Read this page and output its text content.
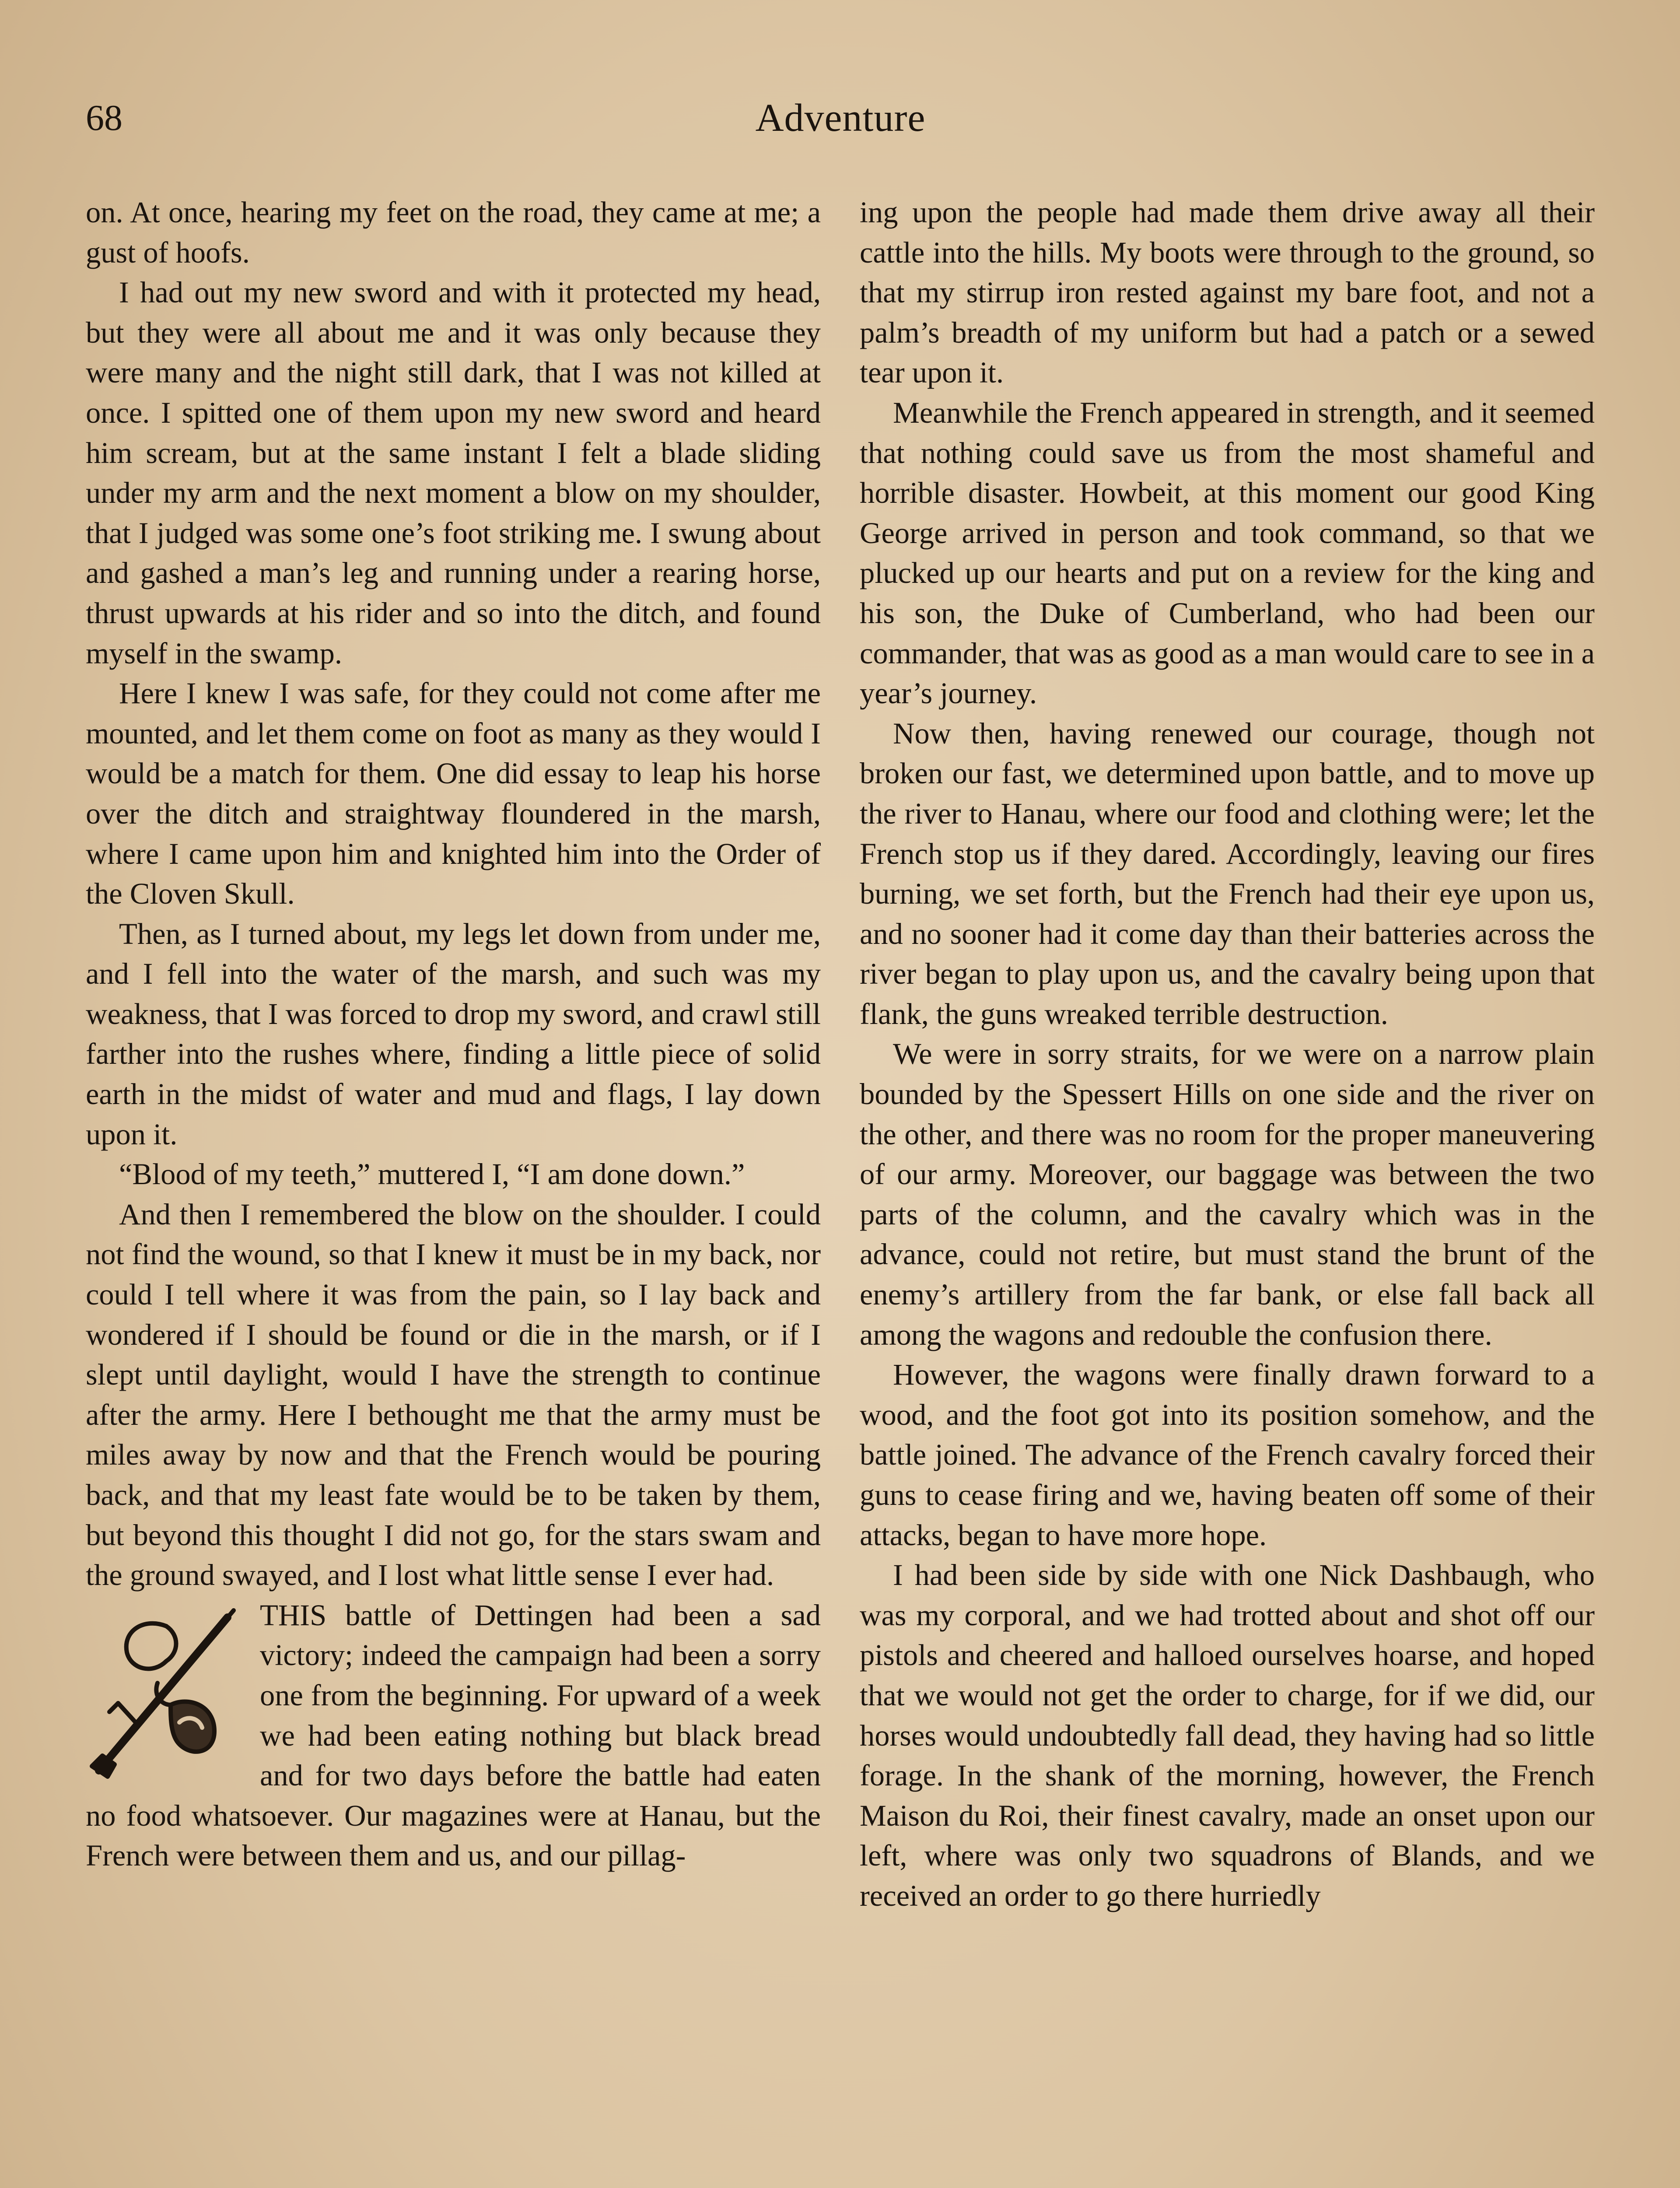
68	Adventure

on. At once, hearing my feet on the road, they came at me; a gust of hoofs.

I had out my new sword and with it protected my head, but they were all about me and it was only because they were many and the night still dark, that I was not killed at once. I spitted one of them upon my new sword and heard him scream, but at the same instant I felt a blade sliding under my arm and the next moment a blow on my shoulder, that I judged was some one’s foot striking me. I swung about and gashed a man’s leg and running under a rearing horse, thrust upwards at his rider and so into the ditch, and found myself in the swamp.

Here I knew I was safe, for they could not come after me mounted, and let them come on foot as many as they would I would be a match for them. One did essay to leap his horse over the ditch and straightway floundered in the marsh, where I came upon him and knighted him into the Order of the Cloven Skull.

Then, as I turned about, my legs let down from under me, and I fell into the water of the marsh, and such was my weakness, that I was forced to drop my sword, and crawl still farther into the rushes where, finding a little piece of solid earth in the midst of water and mud and flags, I lay down upon it.

“Blood of my teeth,” muttered I, “I am done down.”

And then I remembered the blow on the shoulder. I could not find the wound, so that I knew it must be in my back, nor could I tell where it was from the pain, so I lay back and wondered if I should be found or die in the marsh, or if I slept until daylight, would I have the strength to continue after the army. Here I bethought me that the army must be miles away by now and that the French would be pouring back, and that my least fate would be to be taken by them, but beyond this thought I did not go, for the stars swam and the ground swayed, and I lost what little sense I ever had.

THIS battle of Dettingen had been a sad victory; indeed the campaign had been a sorry one from the beginning. For upward of a week we had been eating nothing but black bread and for two days before the battle had eaten no food whatsoever. Our magazines were at Hanau, but the French were between them and us, and our pillag-

ing upon the people had made them drive away all their cattle into the hills. My boots were through to the ground, so that my stirrup iron rested against my bare foot, and not a palm’s breadth of my uniform but had a patch or a sewed tear upon it.

Meanwhile the French appeared in strength, and it seemed that nothing could save us from the most shameful and horrible disaster. Howbeit, at this moment our good King George arrived in person and took command, so that we plucked up our hearts and put on a review for the king and his son, the Duke of Cumberland, who had been our commander, that was as good as a man would care to see in a year’s journey.

Now then, having renewed our courage, though not broken our fast, we determined upon battle, and to move up the river to Hanau, where our food and clothing were; let the French stop us if they dared. Accordingly, leaving our fires burning, we set forth, but the French had their eye upon us, and no sooner had it come day than their batteries across the river began to play upon us, and the cavalry being upon that flank, the guns wreaked terrible destruction.

We were in sorry straits, for we were on a narrow plain bounded by the Spessert Hills on one side and the river on the other, and there was no room for the proper maneuvering of our army. Moreover, our baggage was between the two parts of the column, and the cavalry which was in the advance, could not retire, but must stand the brunt of the enemy’s artillery from the far bank, or else fall back all among the wagons and redouble the confusion there.

However, the wagons were finally drawn forward to a wood, and the foot got into its position somehow, and the battle joined. The advance of the French cavalry forced their guns to cease firing and we, having beaten off some of their attacks, began to have more hope.

I had been side by side with one Nick Dashbaugh, who was my corporal, and we had trotted about and shot off our pistols and cheered and halloed ourselves hoarse, and hoped that we would not get the order to charge, for if we did, our horses would undoubtedly fall dead, they having had so little forage. In the shank of the morning, however, the French Maison du Roi, their finest cavalry, made an onset upon our left, where was only two squadrons of Blands, and we received an order to go there hurriedly
